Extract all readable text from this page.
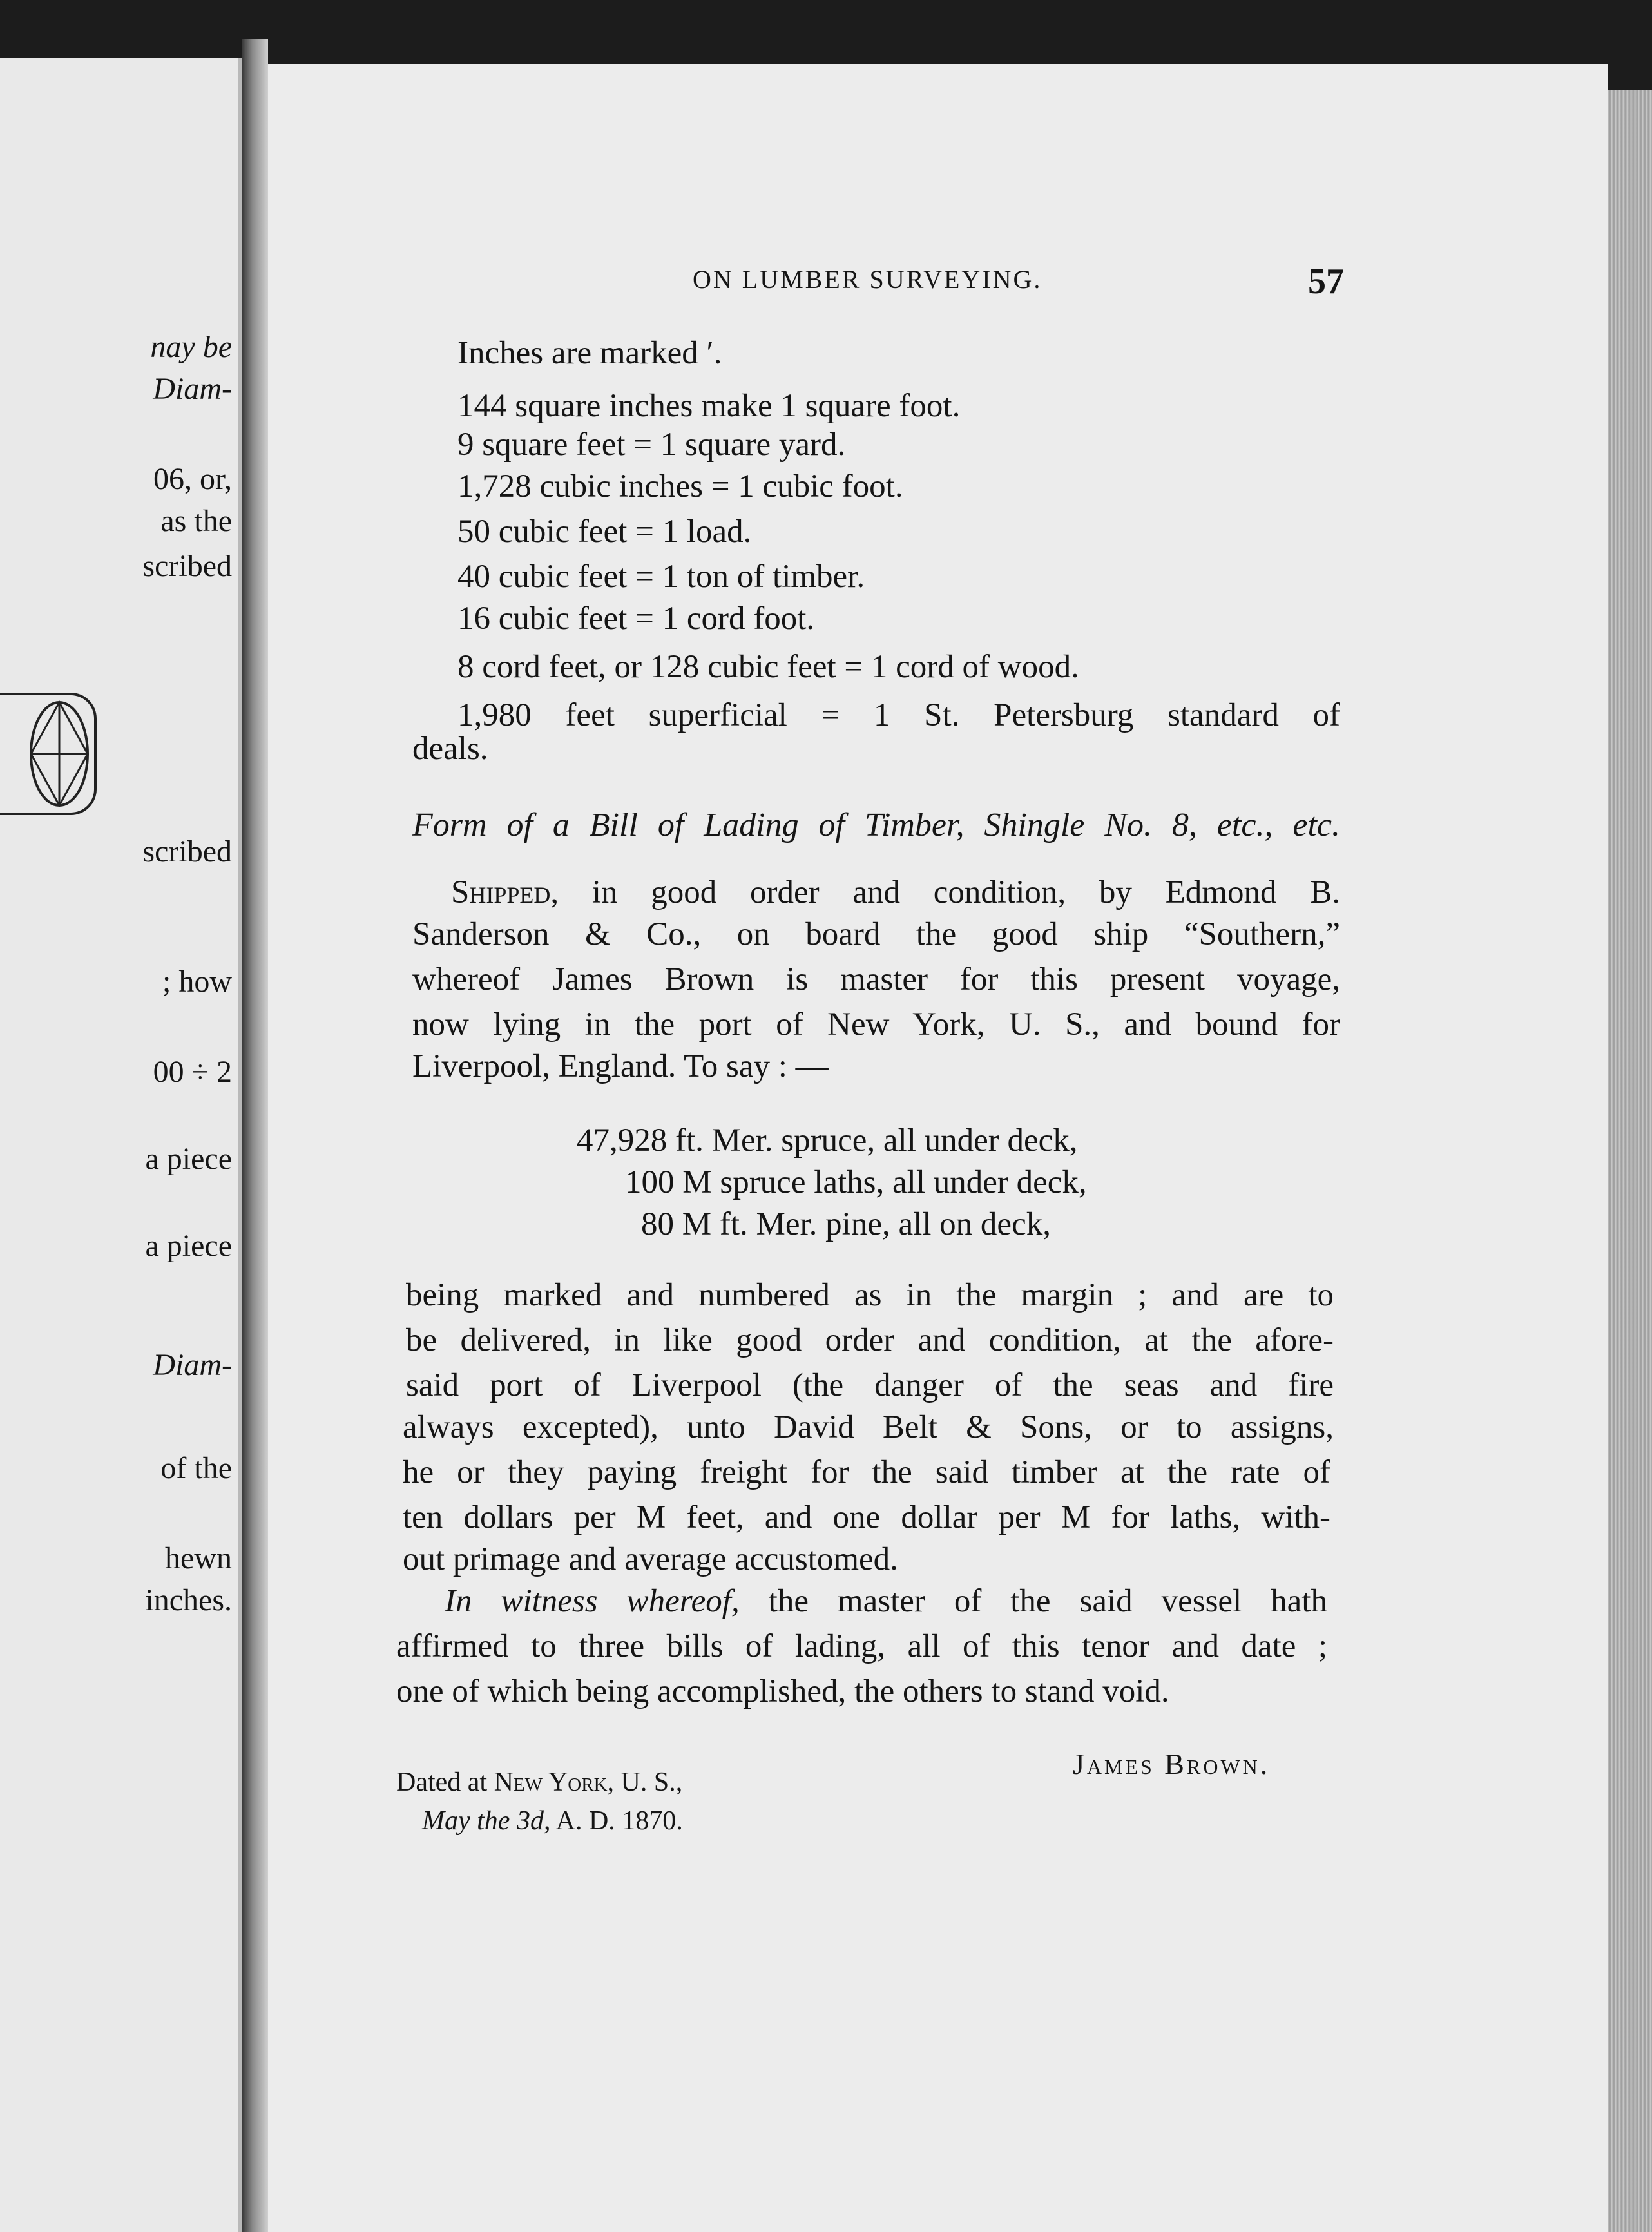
nay be
Diam-
06, or,
as the
scribed
scribed
; how
00 ÷ 2
a piece
a piece
Diam-
of the
hewn
inches.
ON LUMBER SURVEYING.	57
Inches are marked ′.
144 square inches make 1 square foot.
9 square feet = 1 square yard.
1,728 cubic inches = 1 cubic foot.
50 cubic feet = 1 load.
40 cubic feet = 1 ton of timber.
16 cubic feet = 1 cord foot.
8 cord feet, or 128 cubic feet = 1 cord of wood.
1,980 feet superficial = 1 St. Petersburg standard of
deals.
Form of a Bill of Lading of Timber, Shingle No. 8, etc., etc.
Shipped, in good order and condition, by Edmond B.
Sanderson & Co., on board the good ship “Southern,”
whereof James Brown is master for this present voyage,
now lying in the port of New York, U. S., and bound for
Liverpool, England. To say : —
47,928 ft. Mer. spruce, all under deck,
100 M spruce laths, all under deck,
80 M ft. Mer. pine, all on deck,
being marked and numbered as in the margin ; and are to
be delivered, in like good order and condition, at the afore-
said port of Liverpool (the danger of the seas and fire
always excepted), unto David Belt & Sons, or to assigns,
he or they paying freight for the said timber at the rate of
ten dollars per M feet, and one dollar per M for laths, with-
out primage and average accustomed.
In witness whereof, the master of the said vessel hath
affirmed to three bills of lading, all of this tenor and date ;
one of which being accomplished, the others to stand void.
James Brown.
Dated at New York, U. S.,
May the 3d, A. D. 1870.
